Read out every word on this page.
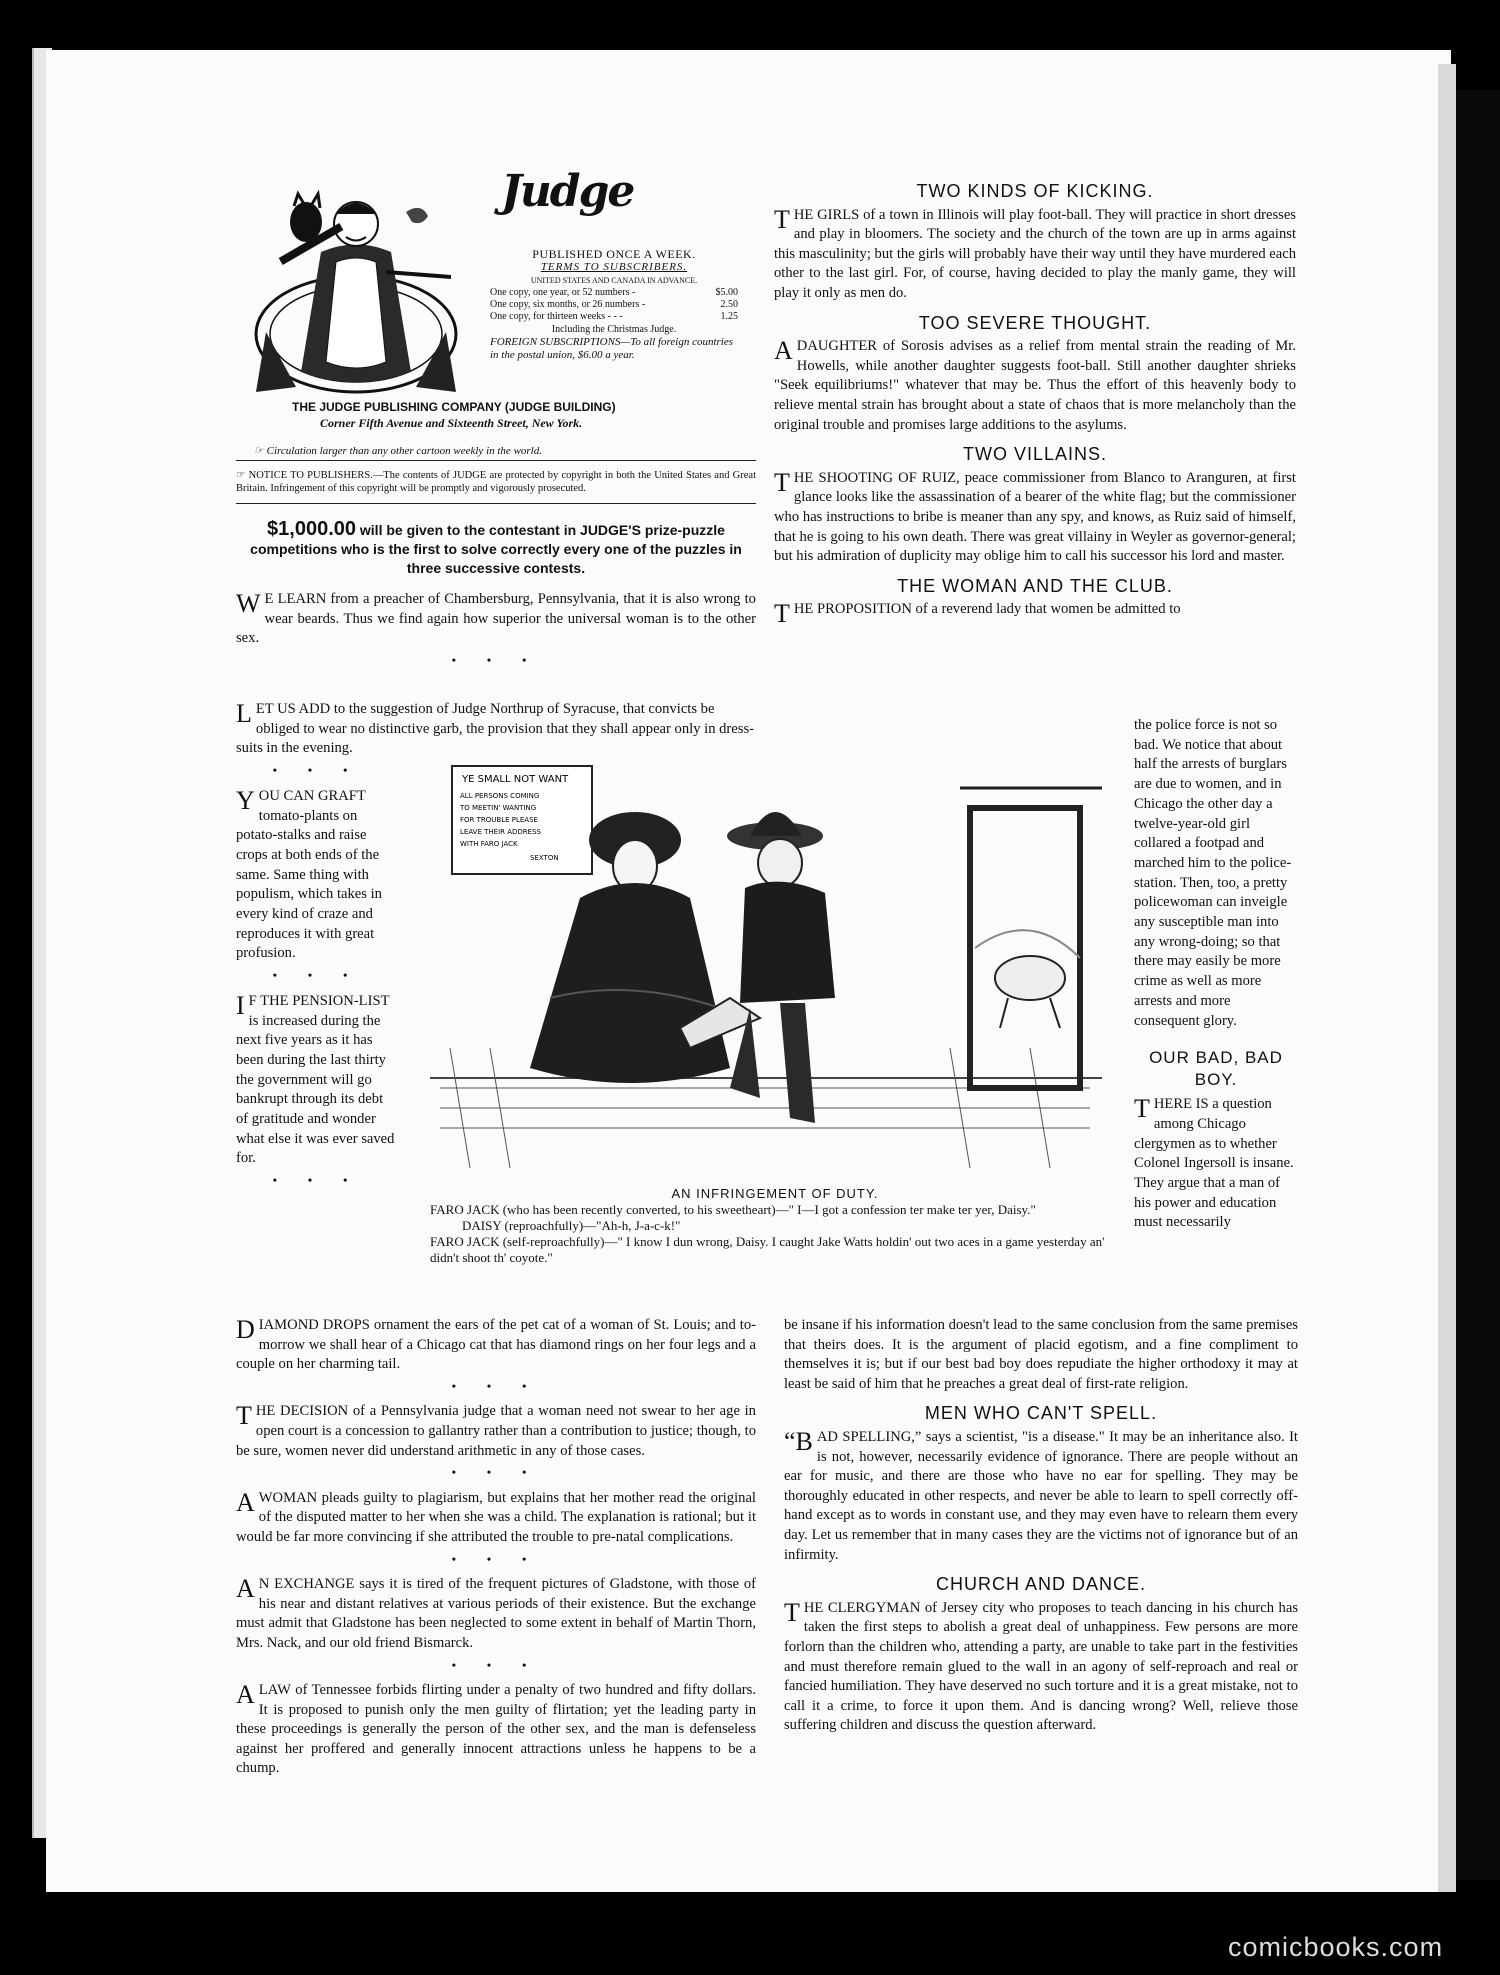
Judge
PUBLISHED ONCE A WEEK.
TERMS TO SUBSCRIBERS.
UNITED STATES AND CANADA IN ADVANCE.
One copy, one year, or 52 numbers -	$5.00
One copy, six months, or 26 numbers -	2.50
One copy, for thirteen weeks - - -	1.25
Including the Christmas Judge.
FOREIGN SUBSCRIPTIONS—To all foreign countries in the postal union, $6.00 a year.
THE JUDGE PUBLISHING COMPANY (JUDGE BUILDING)
Corner Fifth Avenue and Sixteenth Street, New York.
☞ Circulation larger than any other cartoon weekly in the world.
☞ NOTICE TO PUBLISHERS.—The contents of JUDGE are protected by copyright in both the United States and Great Britain. Infringement of this copyright will be promptly and vigorously prosecuted.
$1,000.00 will be given to the contestant in JUDGE'S prize-puzzle competitions who is the first to solve correctly every one of the puzzles in three successive contests.

W E LEARN from a preacher of Chambersburg, Pennsylvania, that it is also wrong to wear beards. Thus we find again how superior the universal woman is to the other sex.

• • •

LET US ADD to the suggestion of Judge Northrup of Syracuse, that convicts be obliged to wear no distinctive garb, the provision that they shall appear only in dress-suits in the evening.

• • •

YOU CAN GRAFT tomato-plants on potato-stalks and raise crops at both ends of the same. Same thing with populism, which takes in every kind of craze and reproduces it with great profusion.

• • •

I F THE PENSION-LIST is increased during the next five years as it has been during the last thirty the government will go bankrupt through its debt of gratitude and wonder what else it was ever saved for.

• • •
YE SMALL NOT WANT
ALL PERSONS COMING
TO MEETIN' WANTING
FOR TROUBLE PLEASE
LEAVE THEIR ADDRESS
WITH FARO JACK
SEXTON
AN INFRINGEMENT OF DUTY.
FARO JACK (who has been recently converted, to his sweetheart)—" I—I got a confession ter make ter yer, Daisy."
DAISY (reproachfully)—"Ah-h, J-a-c-k!"
FARO JACK (self-reproachfully)—" I know I dun wrong, Daisy. I caught Jake Watts holdin' out two aces in a game yesterday an' didn't shoot th' coyote."
TWO KINDS OF KICKING.

THE GIRLS of a town in Illinois will play foot-ball. They will practice in short dresses and play in bloomers. The society and the church of the town are up in arms against this masculinity; but the girls will probably have their way until they have murdered each other to the last girl. For, of course, having decided to play the manly game, they will play it only as men do.

TOO SEVERE THOUGHT.

A DAUGHTER of Sorosis advises as a relief from mental strain the reading of Mr. Howells, while another daughter suggests foot-ball. Still another daughter shrieks "Seek equilibriums!" whatever that may be. Thus the effort of this heavenly body to relieve mental strain has brought about a state of chaos that is more melancholy than the original trouble and promises large additions to the asylums.

TWO VILLAINS.

THE SHOOTING OF RUIZ, peace commissioner from Blanco to Aranguren, at first glance looks like the assassination of a bearer of the white flag; but the commissioner who has instructions to bribe is meaner than any spy, and knows, as Ruiz said of himself, that he is going to his own death. There was great villainy in Weyler as governor-general; but his admiration of duplicity may oblige him to call his successor his lord and master.

THE WOMAN AND THE CLUB.

THE PROPOSITION of a reverend lady that women be admitted to

the police force is not so bad. We notice that about half the arrests of burglars are due to women, and in Chicago the other day a twelve-year-old girl collared a footpad and marched him to the police-station. Then, too, a pretty policewoman can inveigle any susceptible man into any wrong-doing; so that there may easily be more crime as well as more arrests and more consequent glory.

OUR BAD, BAD BOY.

THERE IS a question among Chicago clergymen as to whether Colonel Ingersoll is insane. They argue that a man of his power and education must necessarily

DIAMOND DROPS ornament the ears of the pet cat of a woman of St. Louis; and to-morrow we shall hear of a Chicago cat that has diamond rings on her four legs and a couple on her charming tail.

• • •

THE DECISION of a Pennsylvania judge that a woman need not swear to her age in open court is a concession to gallantry rather than a contribution to justice; though, to be sure, women never did understand arithmetic in any of those cases.

• • •

A WOMAN pleads guilty to plagiarism, but explains that her mother read the original of the disputed matter to her when she was a child. The explanation is rational; but it would be far more convincing if she attributed the trouble to pre-natal complications.

• • •

A N EXCHANGE says it is tired of the frequent pictures of Gladstone, with those of his near and distant relatives at various periods of their existence. But the exchange must admit that Gladstone has been neglected to some extent in behalf of Martin Thorn, Mrs. Nack, and our old friend Bismarck.

• • •

A LAW of Tennessee forbids flirting under a penalty of two hundred and fifty dollars. It is proposed to punish only the men guilty of flirtation; yet the leading party in these proceedings is generally the person of the other sex, and the man is defenseless against her proffered and generally innocent attractions unless he happens to be a chump.

be insane if his information doesn't lead to the same conclusion from the same premises that theirs does. It is the argument of placid egotism, and a fine compliment to themselves it is; but if our best bad boy does repudiate the higher orthodoxy it may at least be said of him that he preaches a great deal of first-rate religion.

MEN WHO CAN'T SPELL.

“BAD SPELLING,” says a scientist, "is a disease." It may be an inheritance also. It is not, however, necessarily evidence of ignorance. There are people without an ear for music, and there are those who have no ear for spelling. They may be thoroughly educated in other respects, and never be able to learn to spell correctly off-hand except as to words in constant use, and they may even have to relearn them every day. Let us remember that in many cases they are the victims not of ignorance but of an infirmity.

CHURCH AND DANCE.

THE CLERGYMAN of Jersey city who proposes to teach dancing in his church has taken the first steps to abolish a great deal of unhappiness. Few persons are more forlorn than the children who, attending a party, are unable to take part in the festivities and must therefore remain glued to the wall in an agony of self-reproach and real or fancied humiliation. They have deserved no such torture and it is a great mistake, not to call it a crime, to force it upon them. And is dancing wrong? Well, relieve those suffering children and discuss the question afterward.

comicbooks.com
